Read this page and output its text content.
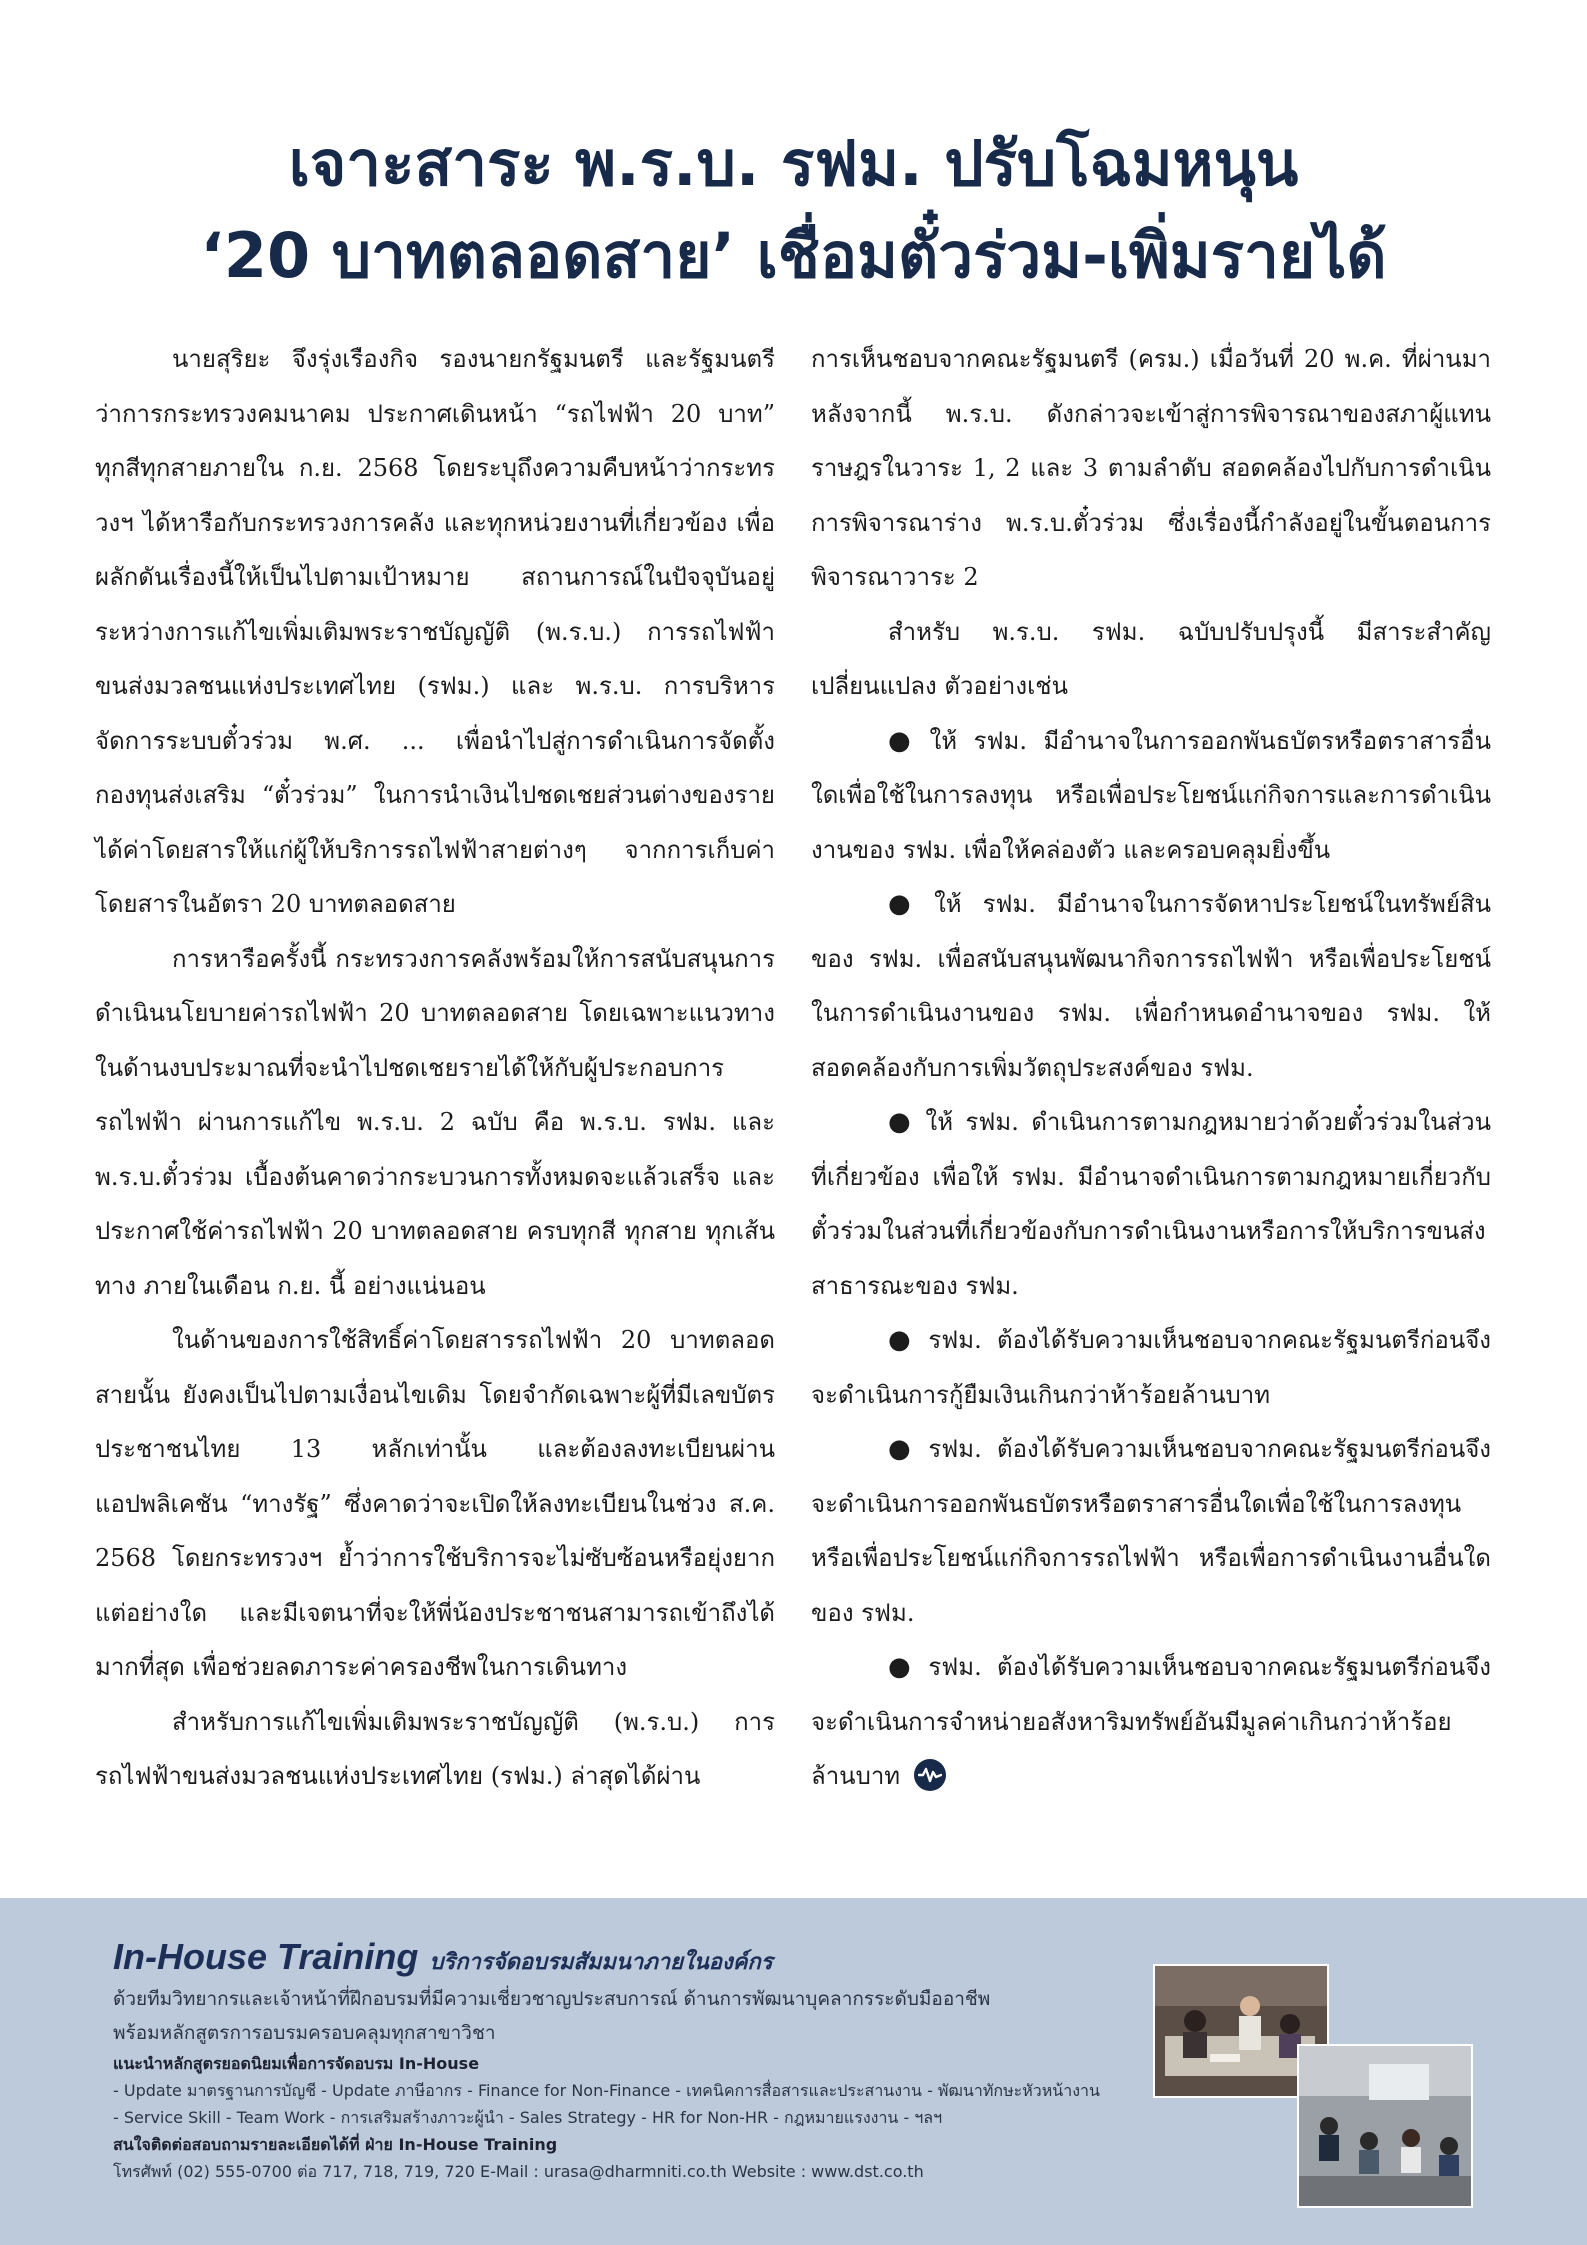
เจาะสาระ พ.ร.บ. รฟม. ปรับโฉมหนุน
‘20 บาทตลอดสาย’ เชื่อมตั๋วร่วม-เพิ่มรายได้

นายสุริยะ จึงรุ่งเรืองกิจ รองนายกรัฐมนตรี และรัฐมนตรีว่าการกระทรวงคมนาคม ประกาศเดินหน้า “รถไฟฟ้า 20 บาท” ทุกสีทุกสายภายใน ก.ย. 2568 โดยระบุถึงความคืบหน้าว่ากระทรวงฯ ได้หารือกับกระทรวงการคลัง และทุกหน่วยงานที่เกี่ยวข้อง เพื่อผลักดันเรื่องนี้ให้เป็นไปตามเป้าหมาย สถานการณ์ในปัจจุบันอยู่ระหว่างการแก้ไขเพิ่มเติมพระราชบัญญัติ (พ.ร.บ.) การรถไฟฟ้าขนส่งมวลชนแห่งประเทศไทย (รฟม.) และ พ.ร.บ. การบริหารจัดการระบบตั๋วร่วม พ.ศ. ... เพื่อนำไปสู่การดำเนินการจัดตั้งกองทุนส่งเสริม “ตั๋วร่วม” ในการนำเงินไปชดเชยส่วนต่างของรายได้ค่าโดยสารให้แก่ผู้ให้บริการรถไฟฟ้าสายต่างๆ จากการเก็บค่าโดยสารในอัตรา 20 บาทตลอดสาย

การหารือครั้งนี้ กระทรวงการคลังพร้อมให้การสนับสนุนการดำเนินนโยบายค่ารถไฟฟ้า 20 บาทตลอดสาย โดยเฉพาะแนวทางในด้านงบประมาณที่จะนำไปชดเชยรายได้ให้กับผู้ประกอบการรถไฟฟ้า ผ่านการแก้ไข พ.ร.บ. 2 ฉบับ คือ พ.ร.บ. รฟม. และ พ.ร.บ.ตั๋วร่วม เบื้องต้นคาดว่ากระบวนการทั้งหมดจะแล้วเสร็จ และประกาศใช้ค่ารถไฟฟ้า 20 บาทตลอดสาย ครบทุกสี ทุกสาย ทุกเส้นทาง ภายในเดือน ก.ย. นี้ อย่างแน่นอน

ในด้านของการใช้สิทธิ์ค่าโดยสารรถไฟฟ้า 20 บาทตลอดสายนั้น ยังคงเป็นไปตามเงื่อนไขเดิม โดยจำกัดเฉพาะผู้ที่มีเลขบัตรประชาชนไทย 13 หลักเท่านั้น และต้องลงทะเบียนผ่านแอปพลิเคชัน “ทางรัฐ” ซึ่งคาดว่าจะเปิดให้ลงทะเบียนในช่วง ส.ค. 2568 โดยกระทรวงฯ ย้ำว่าการใช้บริการจะไม่ซับซ้อนหรือยุ่งยากแต่อย่างใด และมีเจตนาที่จะให้พี่น้องประชาชนสามารถเข้าถึงได้มากที่สุด เพื่อช่วยลดภาระค่าครองชีพในการเดินทาง

สำหรับการแก้ไขเพิ่มเติมพระราชบัญญัติ (พ.ร.บ.) การรถไฟฟ้าขนส่งมวลชนแห่งประเทศไทย (รฟม.) ล่าสุดได้ผ่าน

การเห็นชอบจากคณะรัฐมนตรี (ครม.) เมื่อวันที่ 20 พ.ค. ที่ผ่านมา หลังจากนี้ พ.ร.บ. ดังกล่าวจะเข้าสู่การพิจารณาของสภาผู้แทนราษฎรในวาระ 1, 2 และ 3 ตามลำดับ สอดคล้องไปกับการดำเนินการพิจารณาร่าง พ.ร.บ.ตั๋วร่วม ซึ่งเรื่องนี้กำลังอยู่ในขั้นตอนการพิจารณาวาระ 2

สำหรับ พ.ร.บ. รฟม. ฉบับปรับปรุงนี้ มีสาระสำคัญเปลี่ยนแปลง ตัวอย่างเช่น

● ให้ รฟม. มีอำนาจในการออกพันธบัตรหรือตราสารอื่นใดเพื่อใช้ในการลงทุน หรือเพื่อประโยชน์แก่กิจการและการดำเนินงานของ รฟม. เพื่อให้คล่องตัว และครอบคลุมยิ่งขึ้น

● ให้ รฟม. มีอำนาจในการจัดหาประโยชน์ในทรัพย์สินของ รฟม. เพื่อสนับสนุนพัฒนากิจการรถไฟฟ้า หรือเพื่อประโยชน์ในการดำเนินงานของ รฟม. เพื่อกำหนดอำนาจของ รฟม. ให้สอดคล้องกับการเพิ่มวัตถุประสงค์ของ รฟม.

● ให้ รฟม. ดำเนินการตามกฎหมายว่าด้วยตั๋วร่วมในส่วนที่เกี่ยวข้อง เพื่อให้ รฟม. มีอำนาจดำเนินการตามกฎหมายเกี่ยวกับตั๋วร่วมในส่วนที่เกี่ยวข้องกับการดำเนินงานหรือการให้บริการขนส่งสาธารณะของ รฟม.

● รฟม. ต้องได้รับความเห็นชอบจากคณะรัฐมนตรีก่อนจึงจะดำเนินการกู้ยืมเงินเกินกว่าห้าร้อยล้านบาท

● รฟม. ต้องได้รับความเห็นชอบจากคณะรัฐมนตรีก่อนจึงจะดำเนินการออกพันธบัตรหรือตราสารอื่นใดเพื่อใช้ในการลงทุน หรือเพื่อประโยชน์แก่กิจการรถไฟฟ้า หรือเพื่อการดำเนินงานอื่นใดของ รฟม.

● รฟม. ต้องได้รับความเห็นชอบจากคณะรัฐมนตรีก่อนจึงจะดำเนินการจำหน่ายอสังหาริมทรัพย์อันมีมูลค่าเกินกว่าห้าร้อยล้านบาท

In-House Training บริการจัดอบรมสัมมนาภายในองค์กร
ด้วยทีมวิทยากรและเจ้าหน้าที่ฝึกอบรมที่มีความเชี่ยวชาญประสบการณ์ ด้านการพัฒนาบุคลากรระดับมืออาชีพ
พร้อมหลักสูตรการอบรมครอบคลุมทุกสาขาวิชา
แนะนำหลักสูตรยอดนิยมเพื่อการจัดอบรม In-House
- Update มาตรฐานการบัญชี - Update ภาษีอากร - Finance for Non-Finance - เทคนิคการสื่อสารและประสานงาน - พัฒนาทักษะหัวหน้างาน
- Service Skill - Team Work - การเสริมสร้างภาวะผู้นำ - Sales Strategy - HR for Non-HR - กฎหมายแรงงาน - ฯลฯ
สนใจติดต่อสอบถามรายละเอียดได้ที่ ฝ่าย In-House Training
โทรศัพท์ (02) 555-0700 ต่อ 717, 718, 719, 720 E-Mail : urasa@dharmniti.co.th Website : www.dst.co.th
